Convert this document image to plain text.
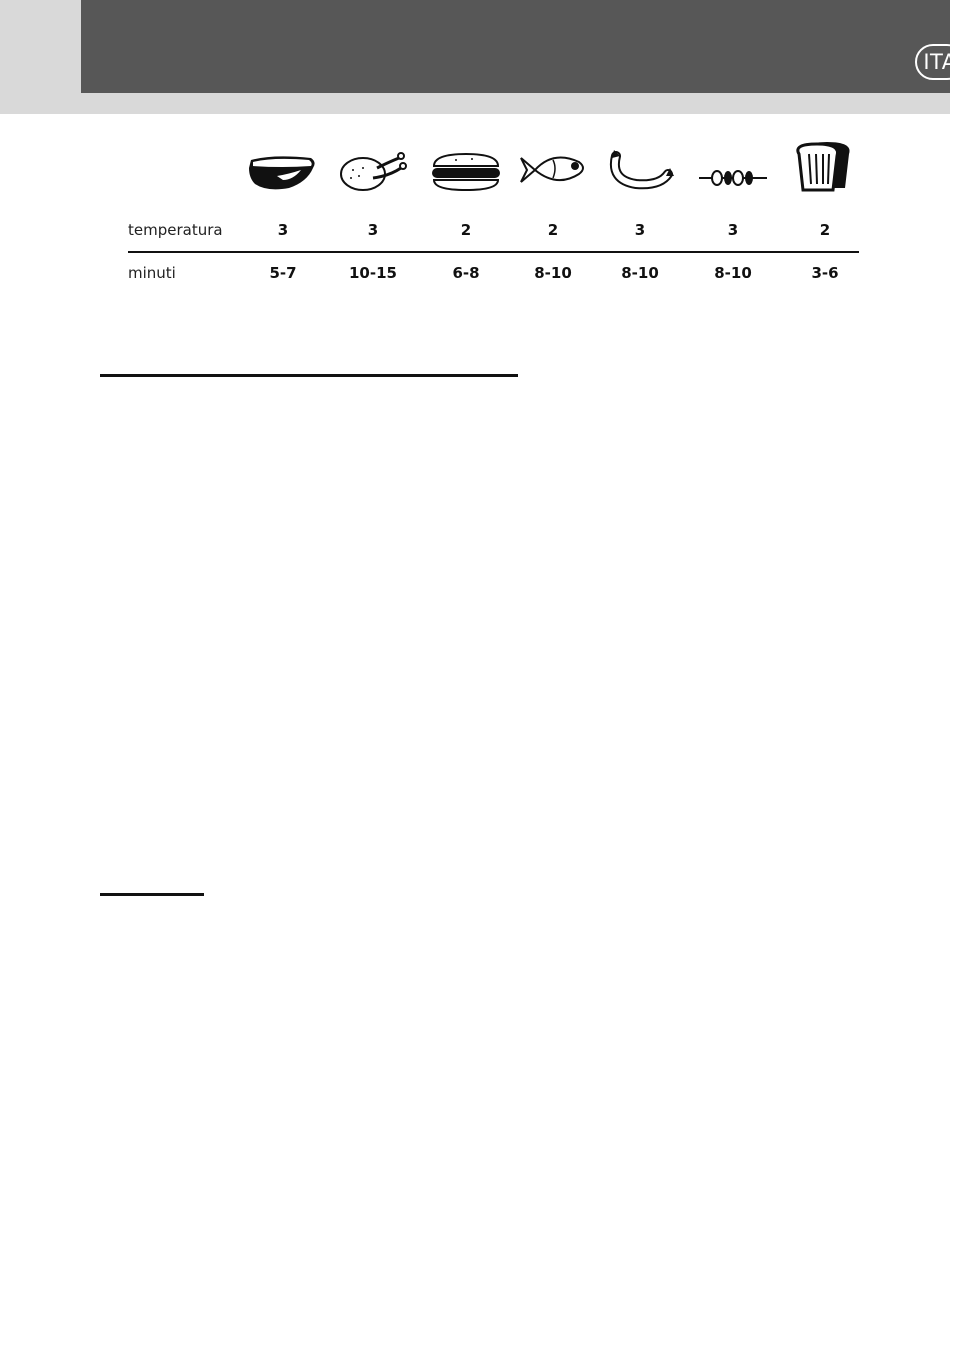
ITA
temperatura	3	3	2	2	3	3	2
minuti	5-7	10-15	6-8	8-10	8-10	8-10	3-6
